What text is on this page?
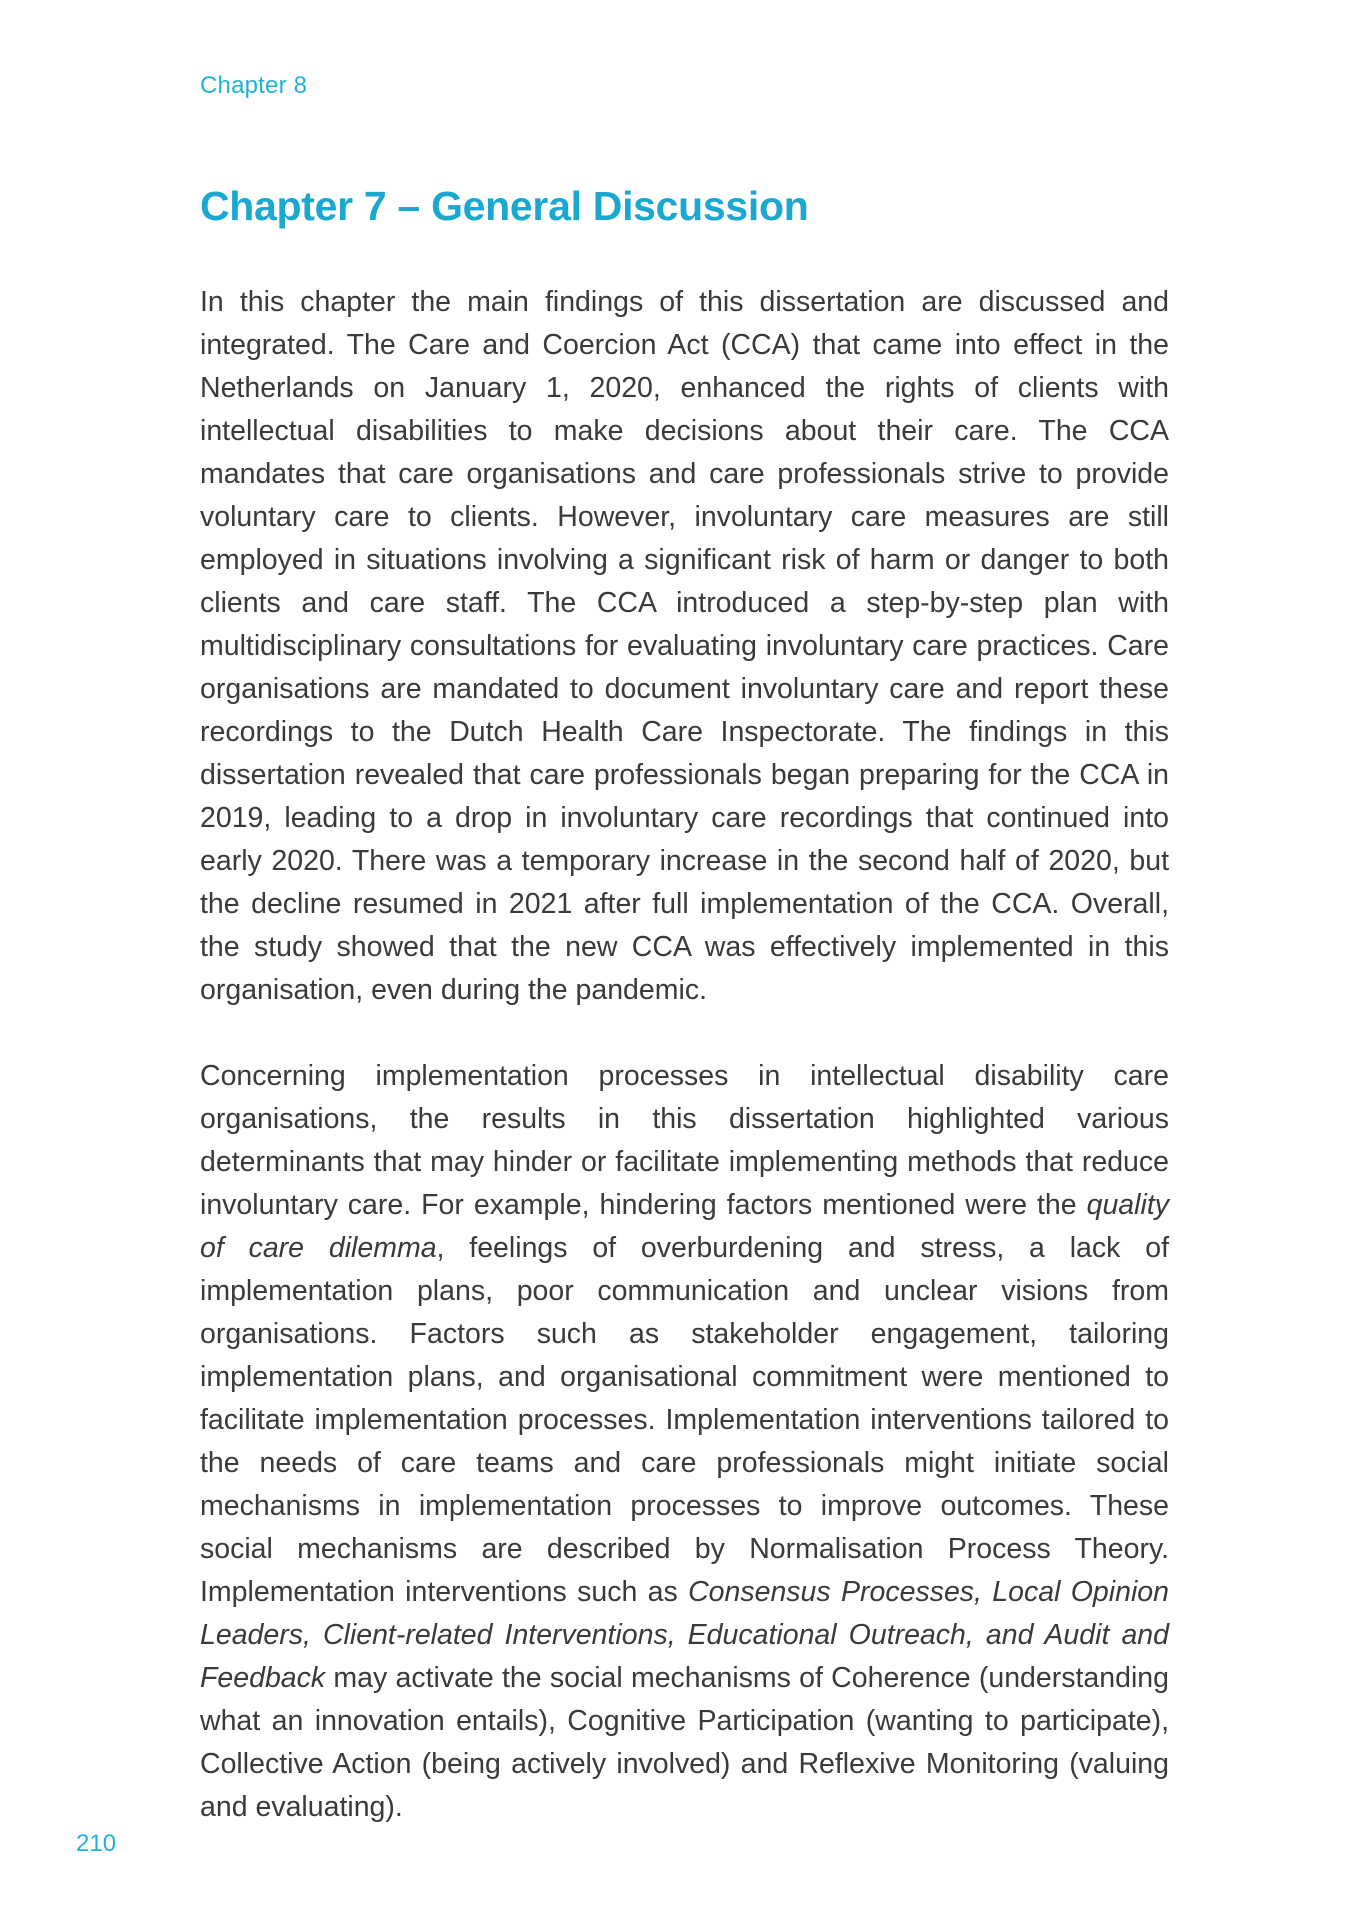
Chapter 8
Chapter 7 – General Discussion

In this chapter the main findings of this dissertation are discussed and integrated. The Care and Coercion Act (CCA) that came into effect in the Netherlands on January 1, 2020, enhanced the rights of clients with intellectual disabilities to make decisions about their care. The CCA mandates that care organisations and care professionals strive to provide voluntary care to clients. However, involuntary care measures are still employed in situations involving a significant risk of harm or danger to both clients and care staff. The CCA introduced a step-by-step plan with multidisciplinary consultations for evaluating involuntary care practices. Care organisations are mandated to document involuntary care and report these recordings to the Dutch Health Care Inspectorate. The findings in this dissertation revealed that care professionals began preparing for the CCA in 2019, leading to a drop in involuntary care recordings that continued into early 2020. There was a temporary increase in the second half of 2020, but the decline resumed in 2021 after full implementation of the CCA. Overall, the study showed that the new CCA was effectively implemented in this organisation, even during the pandemic.

Concerning implementation processes in intellectual disability care organisations, the results in this dissertation highlighted various determinants that may hinder or facilitate implementing methods that reduce involuntary care. For example, hindering factors mentioned were the quality of care dilemma, feelings of overburdening and stress, a lack of implementation plans, poor communication and unclear visions from organisations. Factors such as stakeholder engagement, tailoring implementation plans, and organisational commitment were mentioned to facilitate implementation processes. Implementation interventions tailored to the needs of care teams and care professionals might initiate social mechanisms in implementation processes to improve outcomes. These social mechanisms are described by Normalisation Process Theory. Implementation interventions such as Consensus Processes, Local Opinion Leaders, Client-related Interventions, Educational Outreach, and Audit and Feedback may activate the social mechanisms of Coherence (understanding what an innovation entails), Cognitive Participation (wanting to participate), Collective Action (being actively involved) and Reflexive Monitoring (valuing and evaluating).

210
